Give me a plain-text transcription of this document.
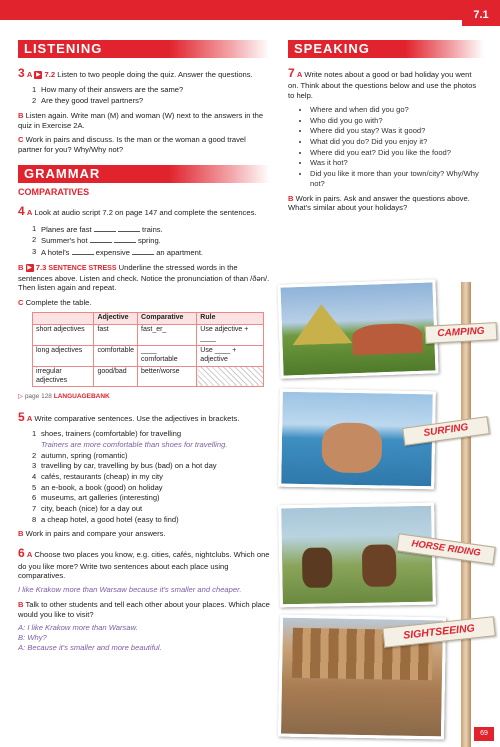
7.1
LISTENING
3 A ▶ 7.2 Listen to two people doing the quiz. Answer the questions.
1 How many of their answers are the same?
2 Are they good travel partners?
B Listen again. Write man (M) and woman (W) next to the answers in the quiz in Exercise 2A.
C Work in pairs and discuss. Is the man or the woman a good travel partner for you? Why/Why not?
GRAMMAR
COMPARATIVES
4 A Look at audio script 7.2 on page 147 and complete the sentences.
1 Planes are fast	trains.
2 Summer's hot	spring.
3 A hotel's	expensive	an apartment.
B ▶ 7.3 SENTENCE STRESS Underline the stressed words in the sentences above. Listen and check. Notice the pronunciation of than /ðən/. Then listen again and repeat.
C Complete the table.
	Adjective	Comparative	Rule
short adjectives	fast	fast_er_	Use adjective + ____
long adjectives	comfortable	____ comfortable	Use ____ + adjective
irregular adjectives	good/bad	better/worse	
▷ page 128 LANGUAGEBANK
5 A Write comparative sentences. Use the adjectives in brackets.
1 shoes, trainers (comfortable) for travelling
Trainers are more comfortable than shoes for travelling.
2 autumn, spring (romantic)
3 travelling by car, travelling by bus (bad) on a hot day
4 cafés, restaurants (cheap) in my city
5 an e-book, a book (good) on holiday
6 museums, art galleries (interesting)
7 city, beach (nice) for a day out
8 a cheap hotel, a good hotel (easy to find)
B Work in pairs and compare your answers.
6 A Choose two places you know, e.g. cities, cafés, nightclubs. Which one do you like more? Write two sentences about each place using comparatives.
I like Krakow more than Warsaw because it's smaller and cheaper.
B Talk to other students and tell each other about your places. Which place would you like to visit?
A: I like Krakow more than Warsaw.
B: Why?
A: Because it's smaller and more beautiful.
SPEAKING
7 A Write notes about a good or bad holiday you went on. Think about the questions below and use the photos to help.
• Where and when did you go?
• Who did you go with?
• Where did you stay? Was it good?
• What did you do? Did you enjoy it?
• Where did you eat? Did you like the food?
• Was it hot?
• Did you like it more than your town/city? Why/Why not?
B Work in pairs. Ask and answer the questions above. What's similar about your holidays?
CAMPING
SURFING
HORSE RIDING
SIGHTSEEING
69
